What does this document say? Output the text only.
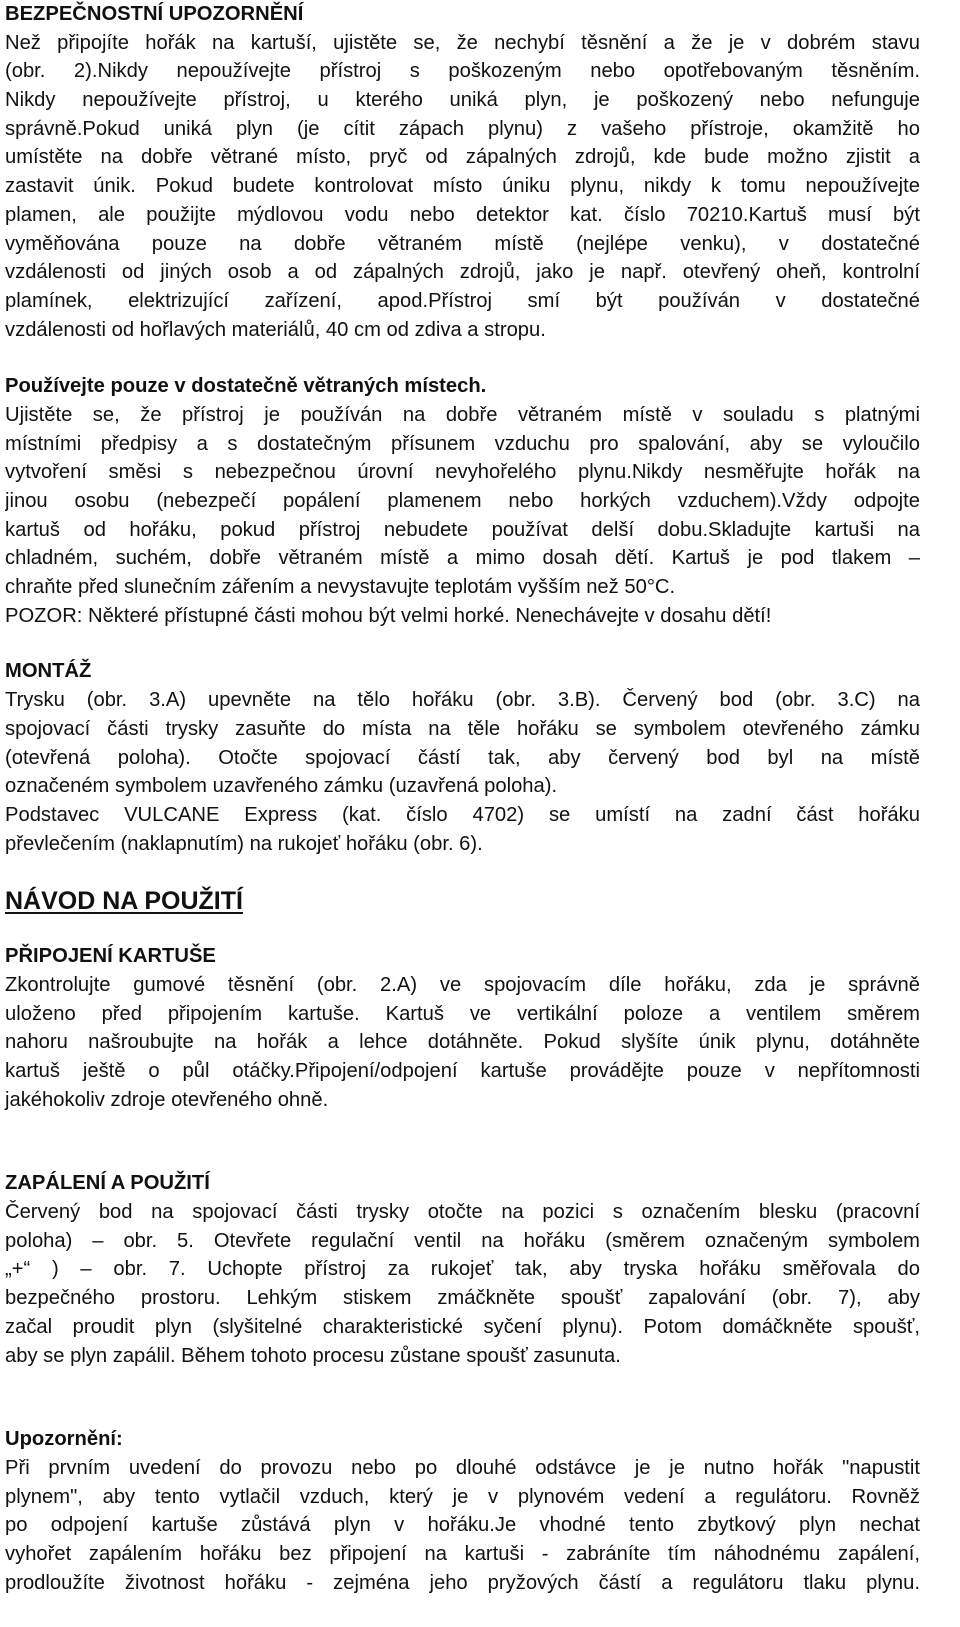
BEZPEČNOSTNÍ UPOZORNĚNÍ
Než připojíte hořák na kartuší, ujistěte se, že nechybí těsnění a že je v dobrém stavu
(obr. 2).Nikdy nepoužívejte přístroj s poškozeným nebo opotřebovaným těsněním.
Nikdy nepoužívejte přístroj, u kterého uniká plyn, je poškozený nebo nefunguje
správně.Pokud uniká plyn (je cítit zápach plynu) z vašeho přístroje, okamžitě ho
umístěte na dobře větrané místo, pryč od zápalných zdrojů, kde bude možno zjistit a
zastavit únik. Pokud budete kontrolovat místo úniku plynu, nikdy k tomu nepoužívejte
plamen, ale použijte mýdlovou vodu nebo detektor kat. číslo 70210.Kartuš musí být
vyměňována pouze na dobře větraném místě (nejlépe venku), v dostatečné
vzdálenosti od jiných osob a od zápalných zdrojů, jako je např. otevřený oheň, kontrolní
plamínek, elektrizující zařízení, apod.Přístroj smí být používán v dostatečné
vzdálenosti od hořlavých materiálů, 40 cm od zdiva a stropu.
Používejte pouze v dostatečně větraných místech.
Ujistěte se, že přístroj je používán na dobře větraném místě v souladu s platnými
místními předpisy a s dostatečným přísunem vzduchu pro spalování, aby se vyloučilo
vytvoření směsi s nebezpečnou úrovní nevyhořelého plynu.Nikdy nesměřujte hořák na
jinou osobu (nebezpečí popálení plamenem nebo horkých vzduchem).Vždy odpojte
kartuš od hořáku, pokud přístroj nebudete používat delší dobu.Skladujte kartuši na
chladném, suchém, dobře větraném místě a mimo dosah dětí. Kartuš je pod tlakem –
chraňte před slunečním zářením a nevystavujte teplotám vyšším než 50°C.
POZOR: Některé přístupné části mohou být velmi horké. Nenechávejte v dosahu dětí!
MONTÁŽ
Trysku (obr. 3.A) upevněte na tělo hořáku (obr. 3.B). Červený bod (obr. 3.C) na
spojovací části trysky zasuňte do místa na těle hořáku se symbolem otevřeného zámku
(otevřená poloha). Otočte spojovací částí tak, aby červený bod byl na místě
označeném symbolem uzavřeného zámku (uzavřená poloha).
Podstavec VULCANE Express (kat. číslo 4702) se umístí na zadní část hořáku
převlečením (naklapnutím) na rukojeť hořáku (obr. 6).
NÁVOD NA POUŽITÍ
PŘIPOJENÍ KARTUŠE
Zkontrolujte gumové těsnění (obr. 2.A) ve spojovacím díle hořáku, zda je správně
uloženo před připojením kartuše. Kartuš ve vertikální poloze a ventilem směrem
nahoru našroubujte na hořák a lehce dotáhněte. Pokud slyšíte únik plynu, dotáhněte
kartuš ještě o půl otáčky.Připojení/odpojení kartuše provádějte pouze v nepřítomnosti
jakéhokoliv zdroje otevřeného ohně.
ZAPÁLENÍ A POUŽITÍ
Červený bod na spojovací části trysky otočte na pozici s označením blesku (pracovní
poloha) – obr. 5. Otevřete regulační ventil na hořáku (směrem označeným symbolem
„+“ ) – obr. 7. Uchopte přístroj za rukojeť tak, aby tryska hořáku směřovala do
bezpečného prostoru. Lehkým stiskem zmáčkněte spoušť zapalování (obr. 7), aby
začal proudit plyn (slyšitelné charakteristické syčení plynu). Potom domáčkněte spoušť,
aby se plyn zapálil. Během tohoto procesu zůstane spoušť zasunuta.
Upozornění:
Při prvním uvedení do provozu nebo po dlouhé odstávce je je nutno hořák "napustit
plynem", aby tento vytlačil vzduch, který je v plynovém vedení a regulátoru. Rovněž
po odpojení kartuše zůstává plyn v hořáku.Je vhodné tento zbytkový plyn nechat
vyhořet zapálením hořáku bez připojení na kartuši - zabráníte tím náhodnému zapálení,
prodloužíte životnost hořáku - zejména jeho pryžových částí a regulátoru tlaku plynu.
